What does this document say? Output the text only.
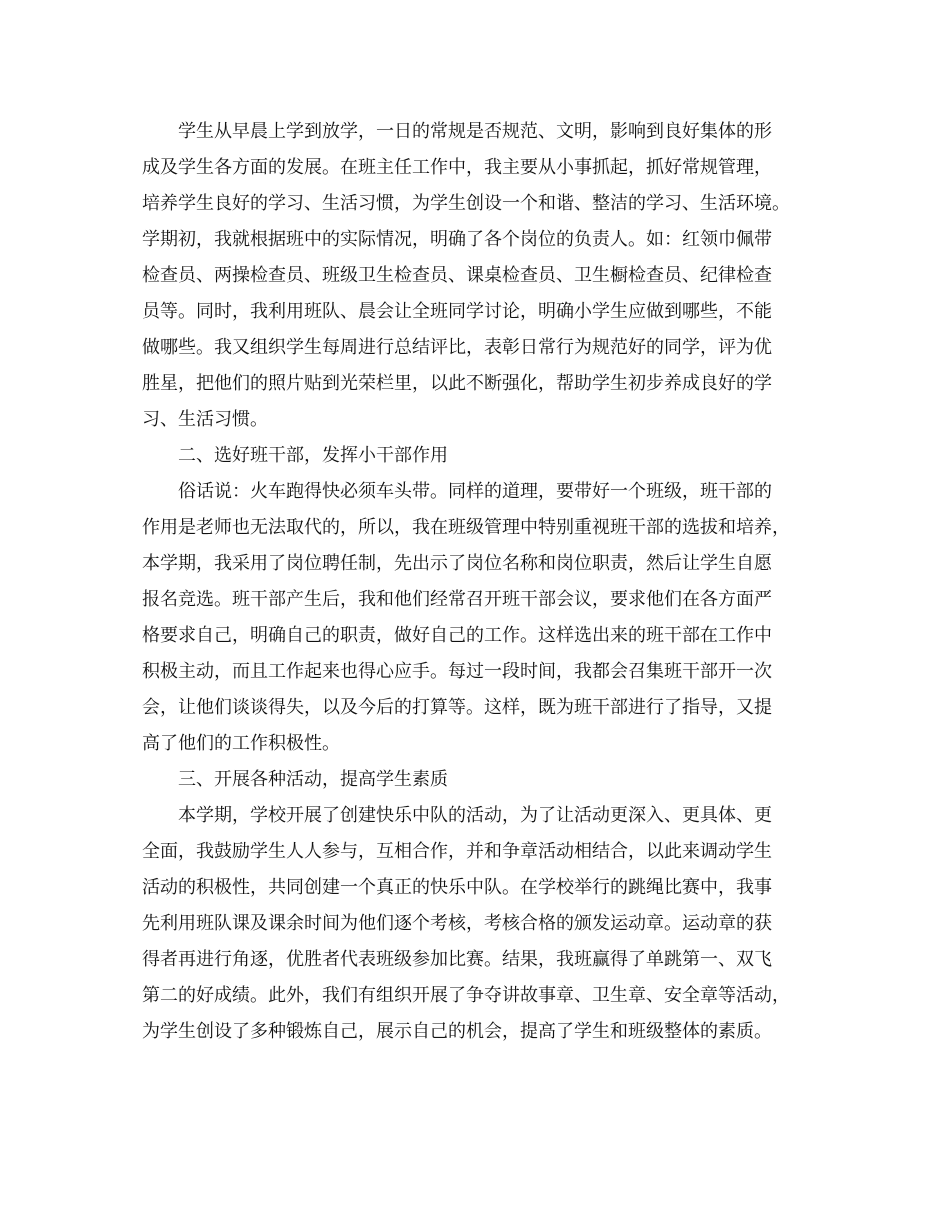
学生从早晨上学到放学，一日的常规是否规范、文明，影响到良好集体的形
成及学生各方面的发展。在班主任工作中，我主要从小事抓起，抓好常规管理，
培养学生良好的学习、生活习惯，为学生创设一个和谐、整洁的学习、生活环境。
学期初，我就根据班中的实际情况，明确了各个岗位的负责人。如：红领巾佩带
检查员、两操检查员、班级卫生检查员、课桌检查员、卫生橱检查员、纪律检查
员等。同时，我利用班队、晨会让全班同学讨论，明确小学生应做到哪些，不能
做哪些。我又组织学生每周进行总结评比，表彰日常行为规范好的同学，评为优
胜星，把他们的照片贴到光荣栏里，以此不断强化，帮助学生初步养成良好的学
习、生活习惯。
二、选好班干部，发挥小干部作用
俗话说：火车跑得快必须车头带。同样的道理，要带好一个班级，班干部的
作用是老师也无法取代的，所以，我在班级管理中特别重视班干部的选拔和培养，
本学期，我采用了岗位聘任制，先出示了岗位名称和岗位职责，然后让学生自愿
报名竞选。班干部产生后，我和他们经常召开班干部会议，要求他们在各方面严
格要求自己，明确自己的职责，做好自己的工作。这样选出来的班干部在工作中
积极主动，而且工作起来也得心应手。每过一段时间，我都会召集班干部开一次
会，让他们谈谈得失，以及今后的打算等。这样，既为班干部进行了指导，又提
高了他们的工作积极性。
三、开展各种活动，提高学生素质
本学期，学校开展了创建快乐中队的活动，为了让活动更深入、更具体、更
全面，我鼓励学生人人参与，互相合作，并和争章活动相结合，以此来调动学生
活动的积极性，共同创建一个真正的快乐中队。在学校举行的跳绳比赛中，我事
先利用班队课及课余时间为他们逐个考核，考核合格的颁发运动章。运动章的获
得者再进行角逐，优胜者代表班级参加比赛。结果，我班赢得了单跳第一、双飞
第二的好成绩。此外，我们有组织开展了争夺讲故事章、卫生章、安全章等活动，
为学生创设了多种锻炼自己，展示自己的机会，提高了学生和班级整体的素质。
